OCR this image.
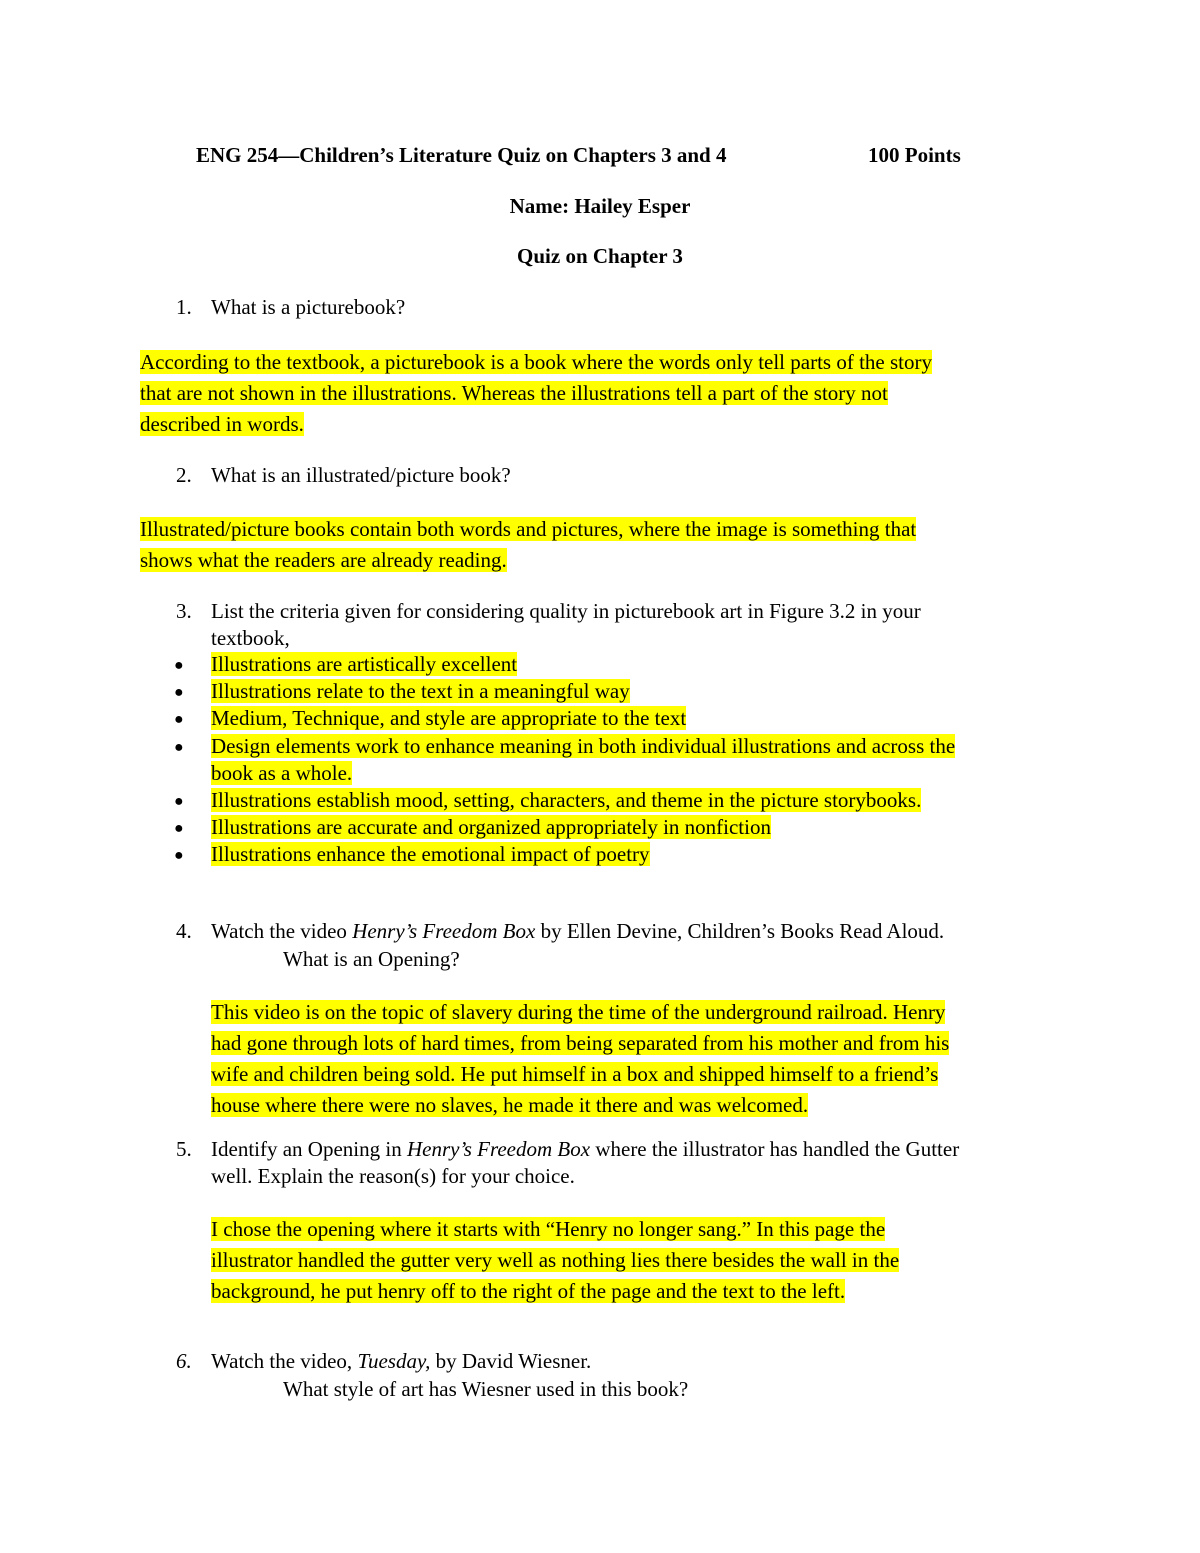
ENG 254—Children’s Literature Quiz on Chapters 3 and 4	100 Points
Name: Hailey Esper
Quiz on Chapter 3
1. What is a picturebook?
According to the textbook, a picturebook is a book where the words only tell parts of the story
that are not shown in the illustrations. Whereas the illustrations tell a part of the story not
described in words.
2. What is an illustrated/picture book?
Illustrated/picture books contain both words and pictures, where the image is something that
shows what the readers are already reading.
3. List the criteria given for considering quality in picturebook art in Figure 3.2 in your
textbook,
● Illustrations are artistically excellent
● Illustrations relate to the text in a meaningful way
● Medium, Technique, and style are appropriate to the text
● Design elements work to enhance meaning in both individual illustrations and across the
book as a whole.
● Illustrations establish mood, setting, characters, and theme in the picture storybooks.
● Illustrations are accurate and organized appropriately in nonfiction
● Illustrations enhance the emotional impact of poetry
4. Watch the video Henry’s Freedom Box by Ellen Devine, Children’s Books Read Aloud.
What is an Opening?
This video is on the topic of slavery during the time of the underground railroad. Henry
had gone through lots of hard times, from being separated from his mother and from his
wife and children being sold. He put himself in a box and shipped himself to a friend’s
house where there were no slaves, he made it there and was welcomed.
5. Identify an Opening in Henry’s Freedom Box where the illustrator has handled the Gutter
well. Explain the reason(s) for your choice.
I chose the opening where it starts with “Henry no longer sang.” In this page the
illustrator handled the gutter very well as nothing lies there besides the wall in the
background, he put henry off to the right of the page and the text to the left.
6. Watch the video, Tuesday, by David Wiesner.
What style of art has Wiesner used in this book?
